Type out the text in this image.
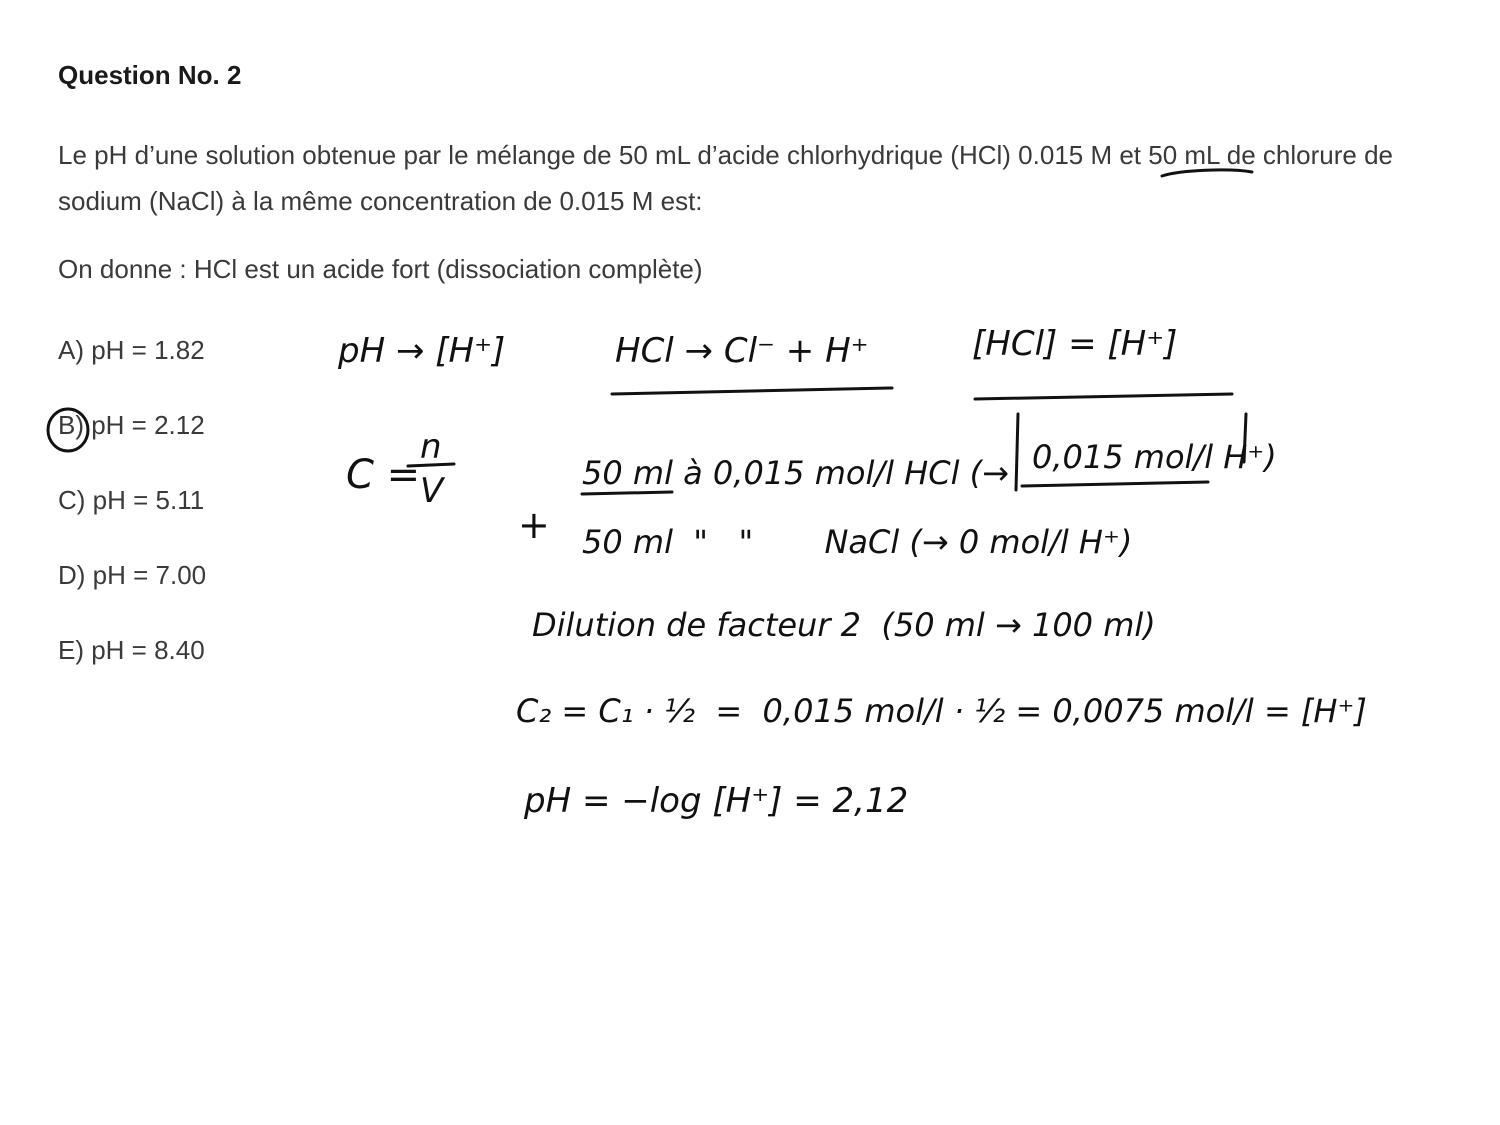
Question No. 2

Le pH d’une solution obtenue par le mélange de 50 mL d’acide chlorhydrique (HCl) 0.015 M et 50 mL de chlorure de sodium (NaCl) à la même concentration de 0.015 M est:

On donne : HCl est un acide fort (dissociation complète)

A) pH = 1.82
B) pH = 2.12
C) pH = 5.11
D) pH = 7.00
E) pH = 8.40
pH → [H⁺]	HCl → Cl⁻ + H⁺	[HCl] = [H⁺]
C =
n
V
+
50 ml à 0,015 mol/l HCl (→ 0,015 mol/l H⁺)
50 ml  "   "       NaCl (→ 0 mol/l H⁺)
Dilution de facteur 2  (50 ml → 100 ml)
C₂ = C₁ · ½  =  0,015 mol/l · ½ = 0,0075 mol/l = [H⁺]
pH = −log [H⁺] = 2,12
